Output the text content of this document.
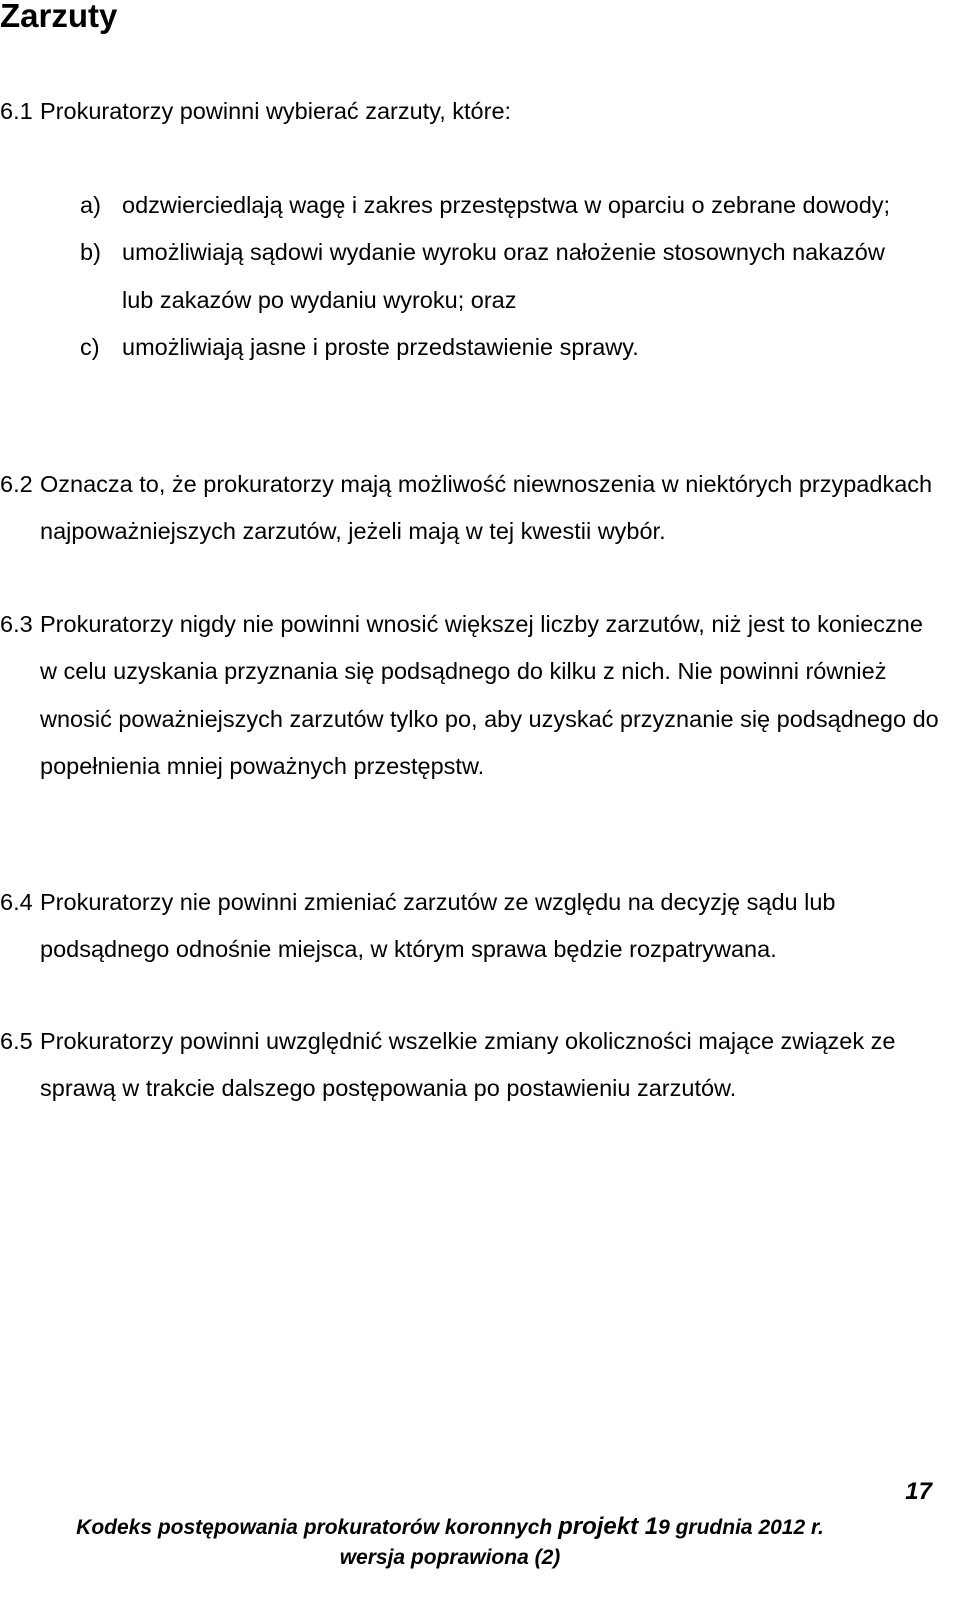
Zarzuty

6.1 Prokuratorzy powinni wybierać zarzuty, które:

a) odzwierciedlają wagę i zakres przestępstwa w oparciu o zebrane dowody;
b) umożliwiają sądowi wydanie wyroku oraz nałożenie stosownych nakazów lub zakazów po wydaniu wyroku; oraz
c) umożliwiają jasne i proste przedstawienie sprawy.
6.2 Oznacza to, że prokuratorzy mają możliwość niewnoszenia w niektórych przypadkach najpoważniejszych zarzutów, jeżeli mają w tej kwestii wybór.
6.3 Prokuratorzy nigdy nie powinni wnosić większej liczby zarzutów, niż jest to konieczne w celu uzyskania przyznania się podsądnego do kilku z nich. Nie powinni również wnosić poważniejszych zarzutów tylko po, aby uzyskać przyznanie się podsądnego do popełnienia mniej poważnych przestępstw.
6.4 Prokuratorzy nie powinni zmieniać zarzutów ze względu na decyzję sądu lub podsądnego odnośnie miejsca, w którym sprawa będzie rozpatrywana.
6.5 Prokuratorzy powinni uwzględnić wszelkie zmiany okoliczności mające związek ze sprawą w trakcie dalszego postępowania po postawieniu zarzutów.

17

Kodeks postępowania prokuratorów koronnych projekt 19 grudnia 2012 r.
wersja poprawiona (2)
